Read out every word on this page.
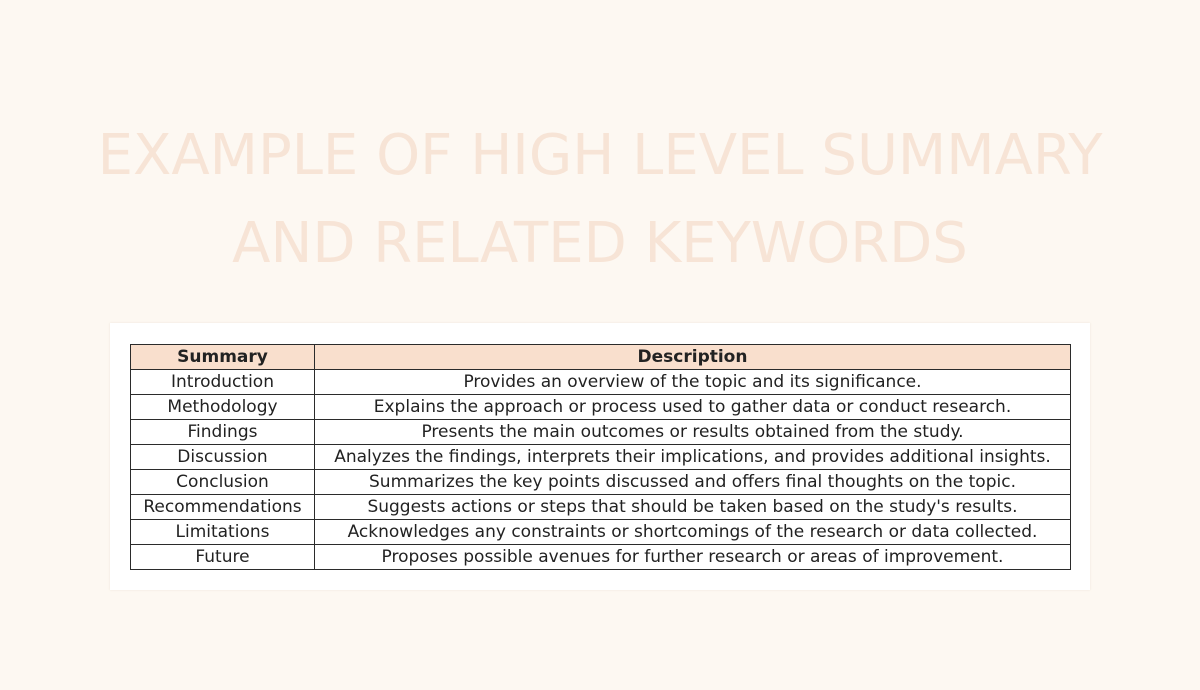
EXAMPLE OF HIGH LEVEL SUMMARY
AND RELATED KEYWORDS
Summary	Description
Introduction	Provides an overview of the topic and its significance.
Methodology	Explains the approach or process used to gather data or conduct research.
Findings	Presents the main outcomes or results obtained from the study.
Discussion	Analyzes the findings, interprets their implications, and provides additional insights.
Conclusion	Summarizes the key points discussed and offers final thoughts on the topic.
Recommendations	Suggests actions or steps that should be taken based on the study's results.
Limitations	Acknowledges any constraints or shortcomings of the research or data collected.
Future	Proposes possible avenues for further research or areas of improvement.
